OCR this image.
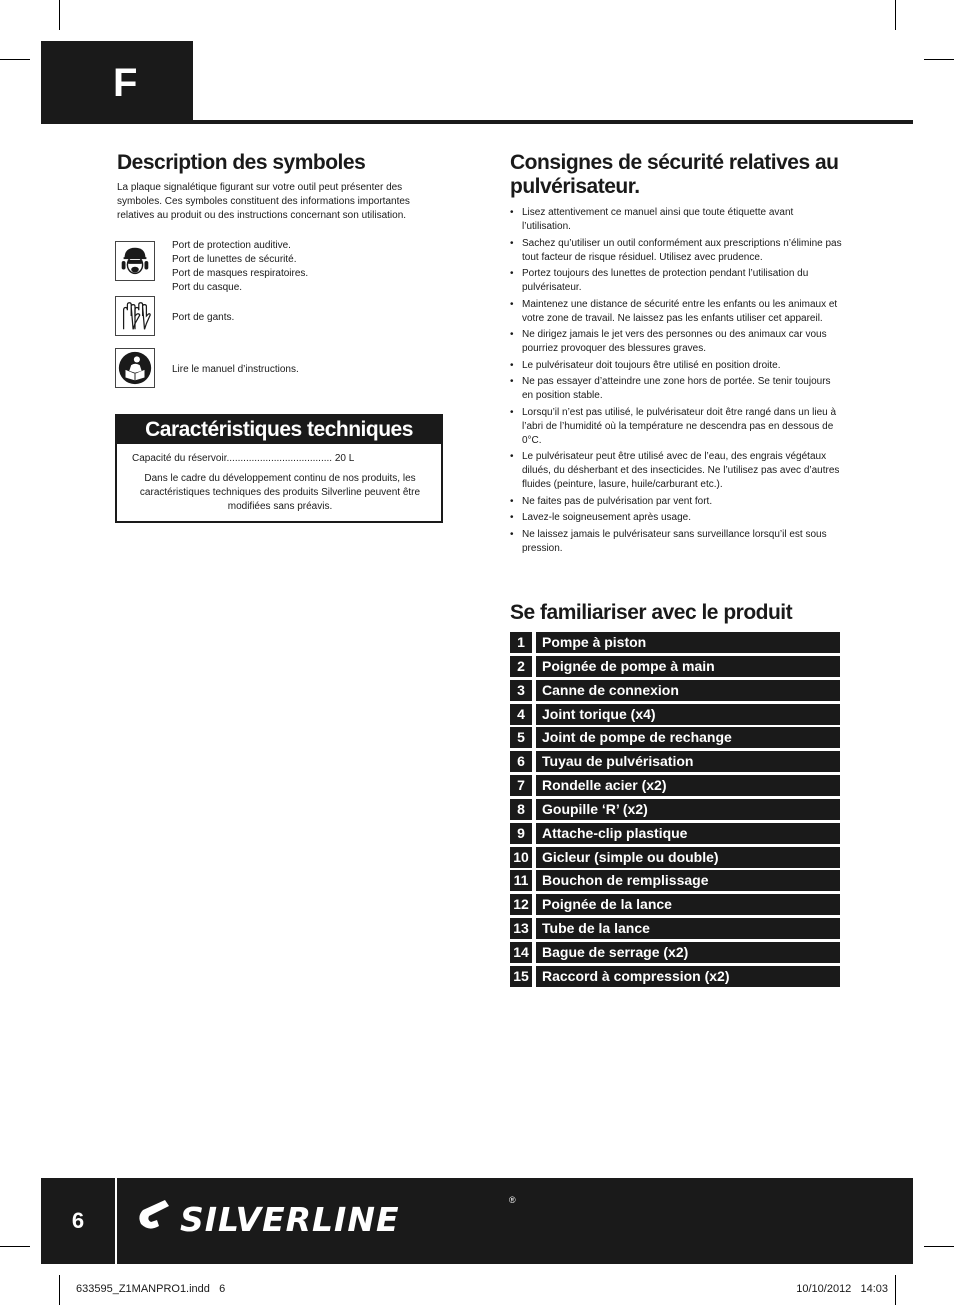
F
Description des symboles
La plaque signalétique figurant sur votre outil peut présenter des symboles. Ces symboles constituent des informations importantes relatives au produit ou des instructions concernant son utilisation.
Port de protection auditive.
Port de lunettes de sécurité.
Port de masques respiratoires.
Port du casque.
Port de gants.
Lire le manuel d’instructions.
Caractéristiques techniques
Capacité du réservoir...................................... 20 L
Dans le cadre du développement continu de nos produits, les caractéristiques techniques des produits Silverline peuvent être modifiées sans préavis.
Consignes de sécurité relatives au pulvérisateur.
• Lisez attentivement ce manuel ainsi que toute étiquette avant l’utilisation.
• Sachez qu’utiliser un outil conformément aux prescriptions n’élimine pas tout facteur de risque résiduel. Utilisez avec prudence.
• Portez toujours des lunettes de protection pendant l’utilisation du pulvérisateur.
• Maintenez une distance de sécurité entre les enfants ou les animaux et votre zone de travail. Ne laissez pas les enfants utiliser cet appareil.
• Ne dirigez jamais le jet vers des personnes ou des animaux car vous pourriez provoquer des blessures graves.
• Le pulvérisateur doit toujours être utilisé en position droite.
• Ne pas essayer d’atteindre une zone hors de portée. Se tenir toujours en position stable.
• Lorsqu’il n’est pas utilisé, le pulvérisateur doit être rangé dans un lieu à l’abri de l’humidité où la température ne descendra pas en dessous de 0°C.
• Le pulvérisateur peut être utilisé avec de l’eau, des engrais végétaux dilués, du désherbant et des insecticides. Ne l’utilisez pas avec d’autres fluides (peinture, lasure, huile/carburant etc.).
• Ne faites pas de pulvérisation par vent fort.
• Lavez-le soigneusement après usage.
• Ne laissez jamais le pulvérisateur sans surveillance lorsqu’il est sous pression.
Se familiariser avec le produit
1	Pompe à piston
2	Poignée de pompe à main
3	Canne de connexion
4	Joint torique (x4)
5	Joint de pompe de rechange
6	Tuyau de pulvérisation
7	Rondelle acier (x2)
8	Goupille ‘R’ (x2)
9	Attache-clip plastique
10 Gicleur (simple ou double)
11 Bouchon de remplissage
12 Poignée de la lance
13 Tube de la lance
14 Bague de serrage (x2)
15 Raccord à compression (x2)
6	SILVERLINE	®
633595_Z1MANPRO1.indd   6	10/10/2012   14:03
